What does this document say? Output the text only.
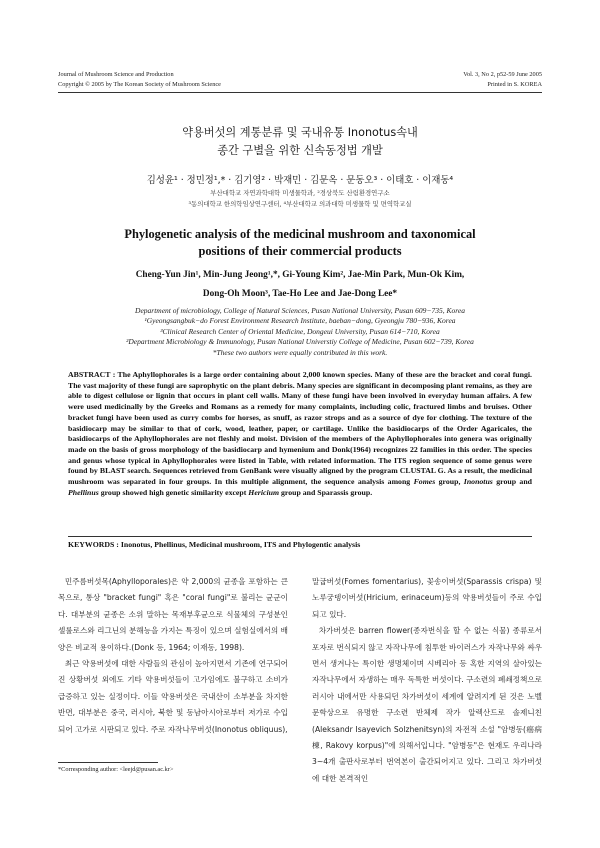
Journal of Mushroom Science and Production
Copyright © 2005 by The Korean Society of Mushroom Science
Vol. 3, No 2, p52-59 June 2005
Printed in S. KOREA
약용버섯의 계통분류 및 국내유통 Inonotus속내
종간 구별을 위한 신속동정법 개발
김성윤¹ · 정민정¹,* · 김기영² · 박재민 · 김문옥 · 문동오³ · 이태호 · 이재동⁴
부산대학교 자연과학대학 미생물학과, ²경상북도 산림환경연구소
³동의대학교 한의학임상연구센터, ⁴부산대학교 의과대학 미생물학 및 면역학교실
Phylogenetic analysis of the medicinal mushroom and taxonomical
positions of their commercial products
Cheng-Yun Jin¹, Min-Jung Jeong¹,*, Gi-Young Kim², Jae-Min Park, Mun-Ok Kim,
Dong-Oh Moon³, Tae-Ho Lee and Jae-Dong Lee*
Department of microbiology, College of Natural Sciences, Pusan National University, Pusan 609−735, Korea
¹Gyeongsangbuk−do Forest Environment Research Institute, baeban−dong, Gyeongju 780−936, Korea
³Clinical Research Center of Oriental Medicine, Dongeui University, Pusan 614−710, Korea
²Department Microbiology & Immunology, Pusan National Universtiy College of Medicine, Pusan 602−739, Korea
*These two authors were equally contributed in this work.
ABSTRACT : The Aphyllophorales is a large order containing about 2,000 known species. Many of these are the bracket and coral fungi. The vast majority of these fungi are saprophytic on the plant debris. Many species are significant in decomposing plant remains, as they are able to digest cellulose or lignin that occurs in plant cell walls. Many of these fungi have been involved in everyday human affairs. A few were used medicinally by the Greeks and Romans as a remedy for many complaints, including colic, fractured limbs and bruises. Other bracket fungi have been used as curry combs for horses, as snuff, as razor strops and as a source of dye for clothing. The texture of the basidiocarp may be similar to that of cork, wood, leather, paper, or cartilage. Unlike the basidiocarps of the Order Agaricales, the basidiocarps of the Aphyllophorales are not fleshly and moist. Division of the members of the Aphyllophorales into genera was originally made on the basis of gross morphology of the basidiocarp and hymenium and Donk(1964) recognizes 22 families in this order. The species and genus whose typical in Aphyllophorales were listed in Table, with related information. The ITS region sequence of some genus were found by BLAST search. Sequences retrieved from GenBank were visually aligned by the program CLUSTAL G. As a result, the medicinal mushroom was separated in four groups. In this multiple alignment, the sequence analysis among Fomes group, Inonotus group and Phellinus group showed high genetic similarity except Hericium group and Sparassis group.
KEYWORDS : Inonotus, Phellinus, Medicinal mushroom, ITS and Phylogentic analysis

민주름버섯목(Aphylloporales)은 약 2,000의 균종을 포함하는 큰 목으로, 통상 "bracket fungi" 혹은 "coral fungi"로 불리는 균군이다. 대부분의 균종은 소위 말하는 목재부후균으로 식물체의 구성분인 셀룰로스와 리그닌의 분해능을 가지는 특징이 있으며 실험실에서의 배양은 비교적 용이하다.(Donk 등, 1964; 이재동, 1998).

최근 약용버섯에 대한 사람들의 관심이 높아지면서 기존에 연구되어진 상황버섯 외에도 기타 약용버섯들이 고가임에도 불구하고 소비가 급증하고 있는 실정이다. 이들 약용버섯은 국내산이 소부분을 차지한 반면, 대부분은 중국, 러시아, 북한 및 동남아시아로부터 저가로 수입되어 고가로 시판되고 있다. 주로 자작나무버섯(Inonotus obliquus),

말굽버섯(Fomes fomentarius), 꽃송이버섯(Sparassis crispa) 및 노루궁뎅이버섯(Hricium, erinaceum)등의 약용버섯들이 주로 수입되고 있다.

차가버섯은 barren flower(종자번식을 할 수 없는 식물) 종류로서 포자로 번식되지 않고 자작나무에 침투한 바이러스가 자작나무와 싸우면서 생겨나는 특이한 생명체이며 시베리아 등 혹한 지역의 살아있는 자작나무에서 자생하는 매우 독특한 버섯이다. 구소련의 폐쇄정책으로 러시아 내에서만 사용되던 차가버섯이 세계에 알려지게 된 것은 노벨 문학상으로 유명한 구소련 반체제 작가 알렉산드로 솔제니친 (Aleksandr Isayevich Solzhenitsyn)의 자전적 소설 "암병동(癌病棟, Rakovy korpus)"에 의해서입니다. "암병동"은 현재도 우리나라 3~4개 출판사로부터 번역본이 출간되어지고 있다. 그리고 차가버섯에 대한 본격적인

*Corresponding author: <leejd@pusan.ac.kr>
